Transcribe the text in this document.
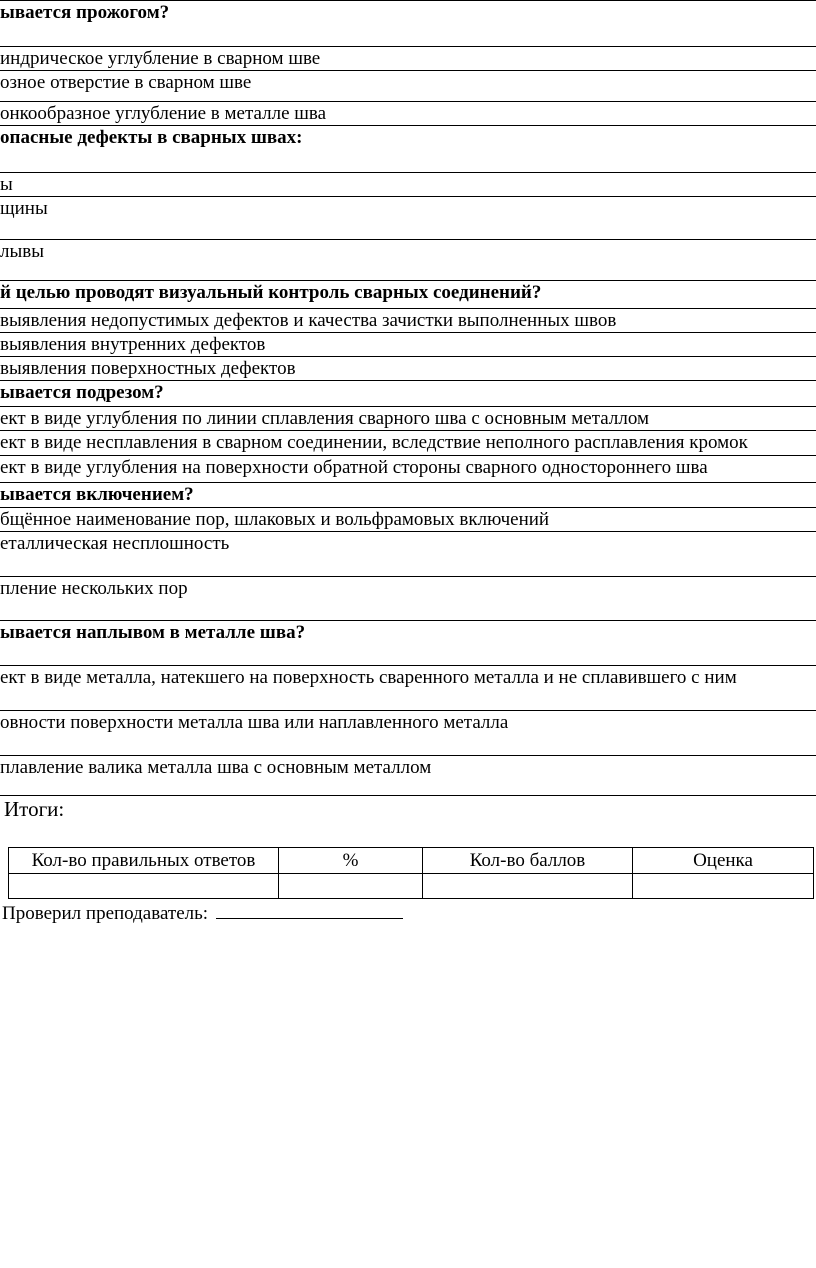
ывается прожогом?
индрическое углубление в сварном шве
озное отверстие в сварном шве
онкообразное углубление в металле шва
опасные дефекты в сварных швах:
ы
щины
лывы
й целью проводят визуальный контроль сварных соединений?
выявления недопустимых дефектов и качества зачистки выполненных швов
выявления внутренних дефектов
выявления поверхностных дефектов
ывается подрезом?
ект в виде углубления по линии сплавления сварного шва с основным металлом
ект в виде несплавления в сварном соединении, вследствие неполного расплавления кромок
ект в виде углубления на поверхности обратной стороны сварного одностороннего шва
ывается включением?
бщённое наименование пор, шлаковых и вольфрамовых включений
еталлическая несплошность
пление нескольких пор
ывается наплывом в металле шва?
ект в виде металла, натекшего на поверхность сваренного металла и не сплавившего с ним
овности поверхности металла шва или наплавленного металла
плавление валика металла шва с основным металлом
Итоги:
Кол-во правильных ответов	%	Кол-во баллов	Оценка

Проверил преподаватель:
